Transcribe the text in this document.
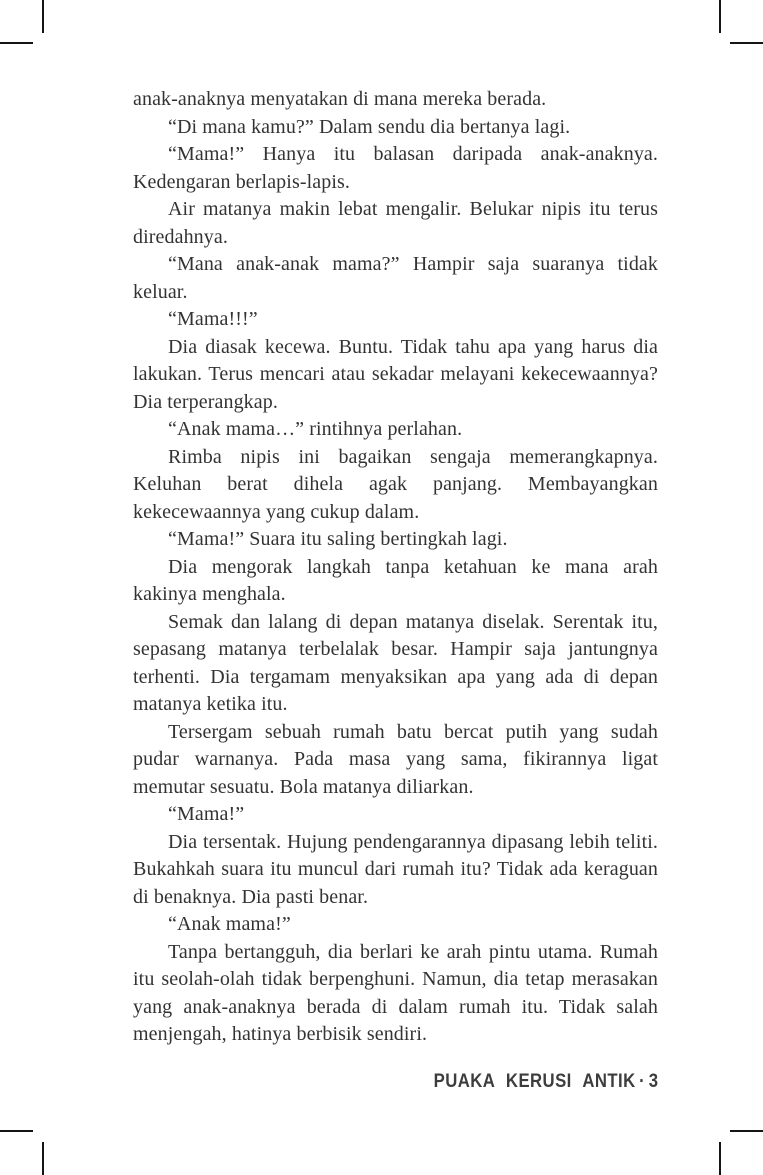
anak-anaknya menyatakan di mana mereka berada.

“Di mana kamu?” Dalam sendu dia bertanya lagi.

“Mama!” Hanya itu balasan daripada anak-anaknya. Kedengaran berlapis-lapis.

Air matanya makin lebat mengalir. Belukar nipis itu terus diredahnya.

“Mana anak-anak mama?” Hampir saja suaranya tidak keluar.

“Mama!!!”

Dia diasak kecewa. Buntu. Tidak tahu apa yang harus dia lakukan. Terus mencari atau sekadar melayani kekecewaannya? Dia terperangkap.

“Anak mama…” rintihnya perlahan.

Rimba nipis ini bagaikan sengaja memerangkapnya. Keluhan berat dihela agak panjang. Membayangkan kekecewaannya yang cukup dalam.

“Mama!” Suara itu saling bertingkah lagi.

Dia mengorak langkah tanpa ketahuan ke mana arah kakinya menghala.

Semak dan lalang di depan matanya diselak. Serentak itu, sepasang matanya terbelalak besar. Hampir saja jantungnya terhenti. Dia tergamam menyaksikan apa yang ada di depan matanya ketika itu.

Tersergam sebuah rumah batu bercat putih yang sudah pudar warnanya. Pada masa yang sama, fikirannya ligat memutar sesuatu. Bola matanya diliarkan.

“Mama!”

Dia tersentak. Hujung pendengarannya dipasang lebih teliti. Bukahkah suara itu muncul dari rumah itu? Tidak ada keraguan di benaknya. Dia pasti benar.

“Anak mama!”

Tanpa bertangguh, dia berlari ke arah pintu utama. Rumah itu seolah-olah tidak berpenghuni. Namun, dia tetap merasakan yang anak-anaknya berada di dalam rumah itu. Tidak salah menjengah, hatinya berbisik sendiri.

PUAKA KERUSI ANTIK · 3
